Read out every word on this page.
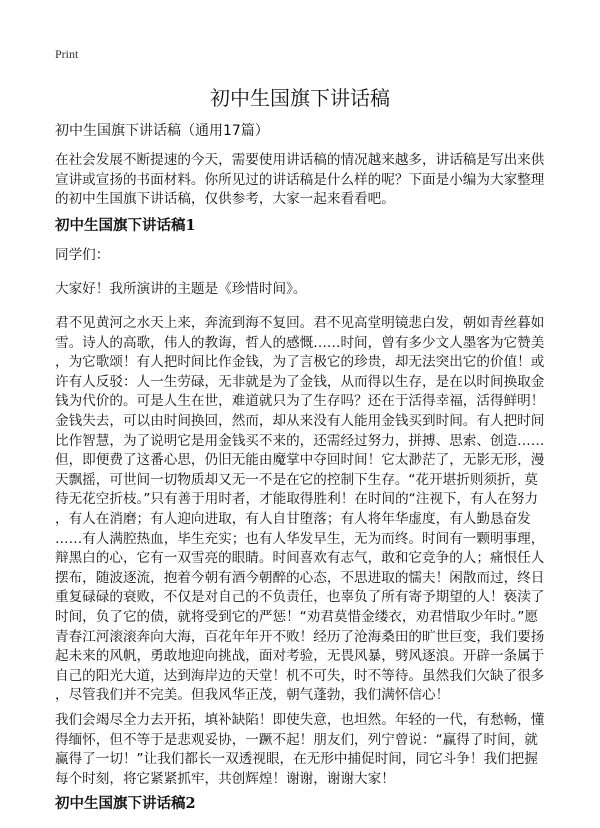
Print
初中生国旗下讲话稿
初中生国旗下讲话稿（通用17篇）
在社会发展不断提速的今天，需要使用讲话稿的情况越来越多，讲话稿是写出来供
宣讲或宣扬的书面材料。你所见过的讲话稿是什么样的呢？下面是小编为大家整理
的初中生国旗下讲话稿，仅供参考，大家一起来看看吧。
初中生国旗下讲话稿1
同学们：
大家好！我所演讲的主题是《珍惜时间》。
君不见黄河之水天上来，奔流到海不复回。君不见高堂明镜悲白发，朝如青丝暮如
雪。诗人的高歌，伟人的教诲，哲人的感慨……时间，曾有多少文人墨客为它赞美
，为它歌颂！有人把时间比作金钱，为了言极它的珍贵，却无法突出它的价值！或
许有人反驳：人一生劳碌，无非就是为了金钱，从而得以生存，是在以时间换取金
钱为代价的。可是人生在世，难道就只为了生存吗？还在于活得幸福，活得鲜明！
金钱失去，可以由时间换回，然而，却从来没有人能用金钱买到时间。有人把时间
比作智慧，为了说明它是用金钱买不来的，还需经过努力，拼搏、思索、创造……
但，即便费了这番心思，仍旧无能由魔掌中夺回时间！它太渺茫了，无影无形，漫
天飘摇，可世间一切物质却又无一不是在它的控制下生存。“花开堪折则须折，莫
待无花空折枝。”只有善于用时者，才能取得胜利！在时间的“注视下，有人在努力
，有人在消磨；有人迎向进取，有人自甘堕落；有人将年华虚度，有人勤恳奋发
……有人满腔热血，毕生充实；也有人华发早生，无为而终。时间有一颗明事理，
辩黑白的心，它有一双雪亮的眼睛。时间喜欢有志气，敢和它竞争的人；痛恨任人
摆布，随波逐流，抱着今朝有酒今朝醉的心态，不思进取的懦夫！闲散而过，终日
重复碌碌的衰败，不仅是对自己的不负责任，也辜负了所有寄予期望的人！亵渎了
时间，负了它的债，就将受到它的严惩！“劝君莫惜金缕衣，劝君惜取少年时。”愿
青春江河滚滚奔向大海，百花年年开不败！经历了沧海桑田的旷世巨变，我们要扬
起未来的风帆，勇敢地迎向挑战，面对考验，无畏风暴，劈风逐浪。开辟一条属于
自己的阳光大道，达到海岸边的天堂！机不可失，时不等待。虽然我们欠缺了很多
，尽管我们并不完美。但我风华正茂，朝气蓬勃，我们满怀信心！
我们会竭尽全力去开拓，填补缺陷！即使失意，也坦然。年轻的一代，有愁畅，懂
得缅怀，但不等于是悲观妥协，一蹶不起！朋友们，列宁曾说：“赢得了时间，就
赢得了一切！”让我们都长一双透视眼，在无形中捕促时间，同它斗争！我们把握
每个时刻，将它紧紧抓牢，共创辉煌！谢谢，谢谢大家！
初中生国旗下讲话稿2
